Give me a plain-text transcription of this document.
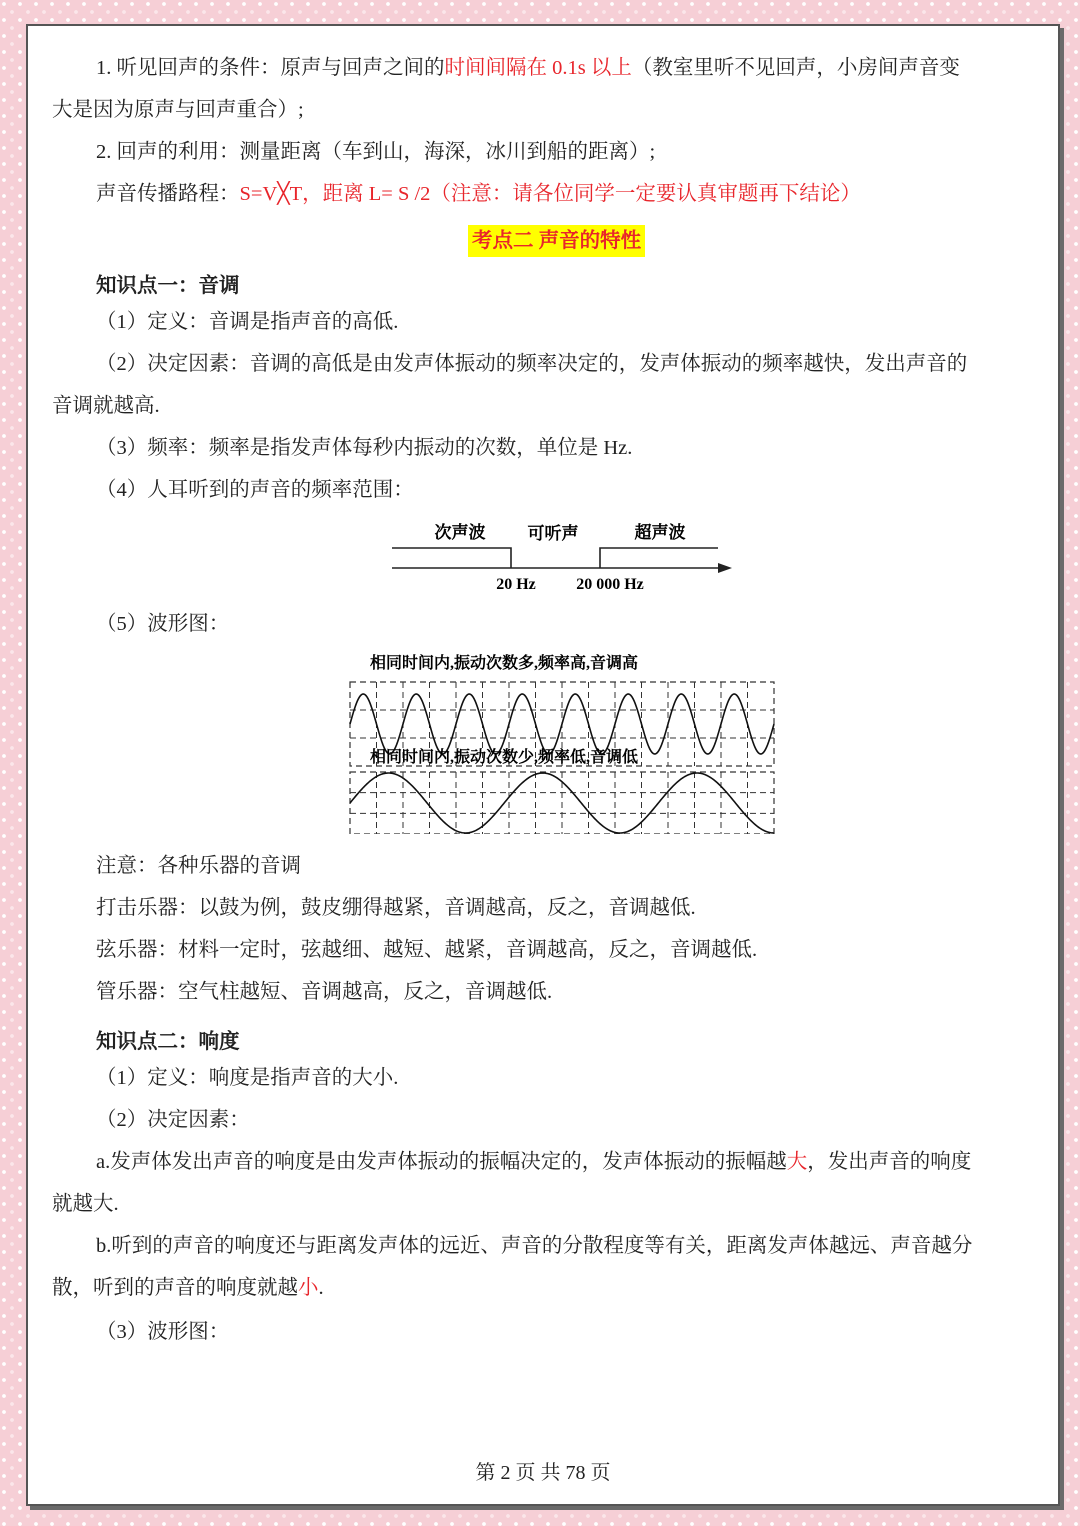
1. 听见回声的条件：原声与回声之间的时间间隔在 0.1s 以上（教室里听不见回声，小房间声音变
大是因为原声与回声重合）;
2. 回声的利用：测量距离（车到山，海深，冰川到船的距离）;
声音传播路程：S=V╳T，距离 L= S /2（注意：请各位同学一定要认真审题再下结论）
考点二 声音的特性
知识点一：音调
（1）定义：音调是指声音的高低.
（2）决定因素：音调的高低是由发声体振动的频率决定的，发声体振动的频率越快，发出声音的
音调就越高.
（3）频率：频率是指发声体每秒内振动的次数，单位是 Hz.
（4）人耳听到的声音的频率范围：
次声波 可听声	超声波
20 Hz	20 000 Hz
（5）波形图：
相同时间内,振动次数多,频率高,音调高
相同时间内,振动次数少,频率低,音调低
注意：各种乐器的音调
打击乐器：以鼓为例，鼓皮绷得越紧，音调越高，反之，音调越低.
弦乐器：材料一定时，弦越细、越短、越紧，音调越高，反之，音调越低.
管乐器：空气柱越短、音调越高，反之，音调越低.
知识点二：响度
（1）定义：响度是指声音的大小.
（2）决定因素：
a.发声体发出声音的响度是由发声体振动的振幅决定的，发声体振动的振幅越大，发出声音的响度
就越大.
b.听到的声音的响度还与距离发声体的远近、声音的分散程度等有关，距离发声体越远、声音越分
散，听到的声音的响度就越小.
（3）波形图：
第 2 页 共 78 页
